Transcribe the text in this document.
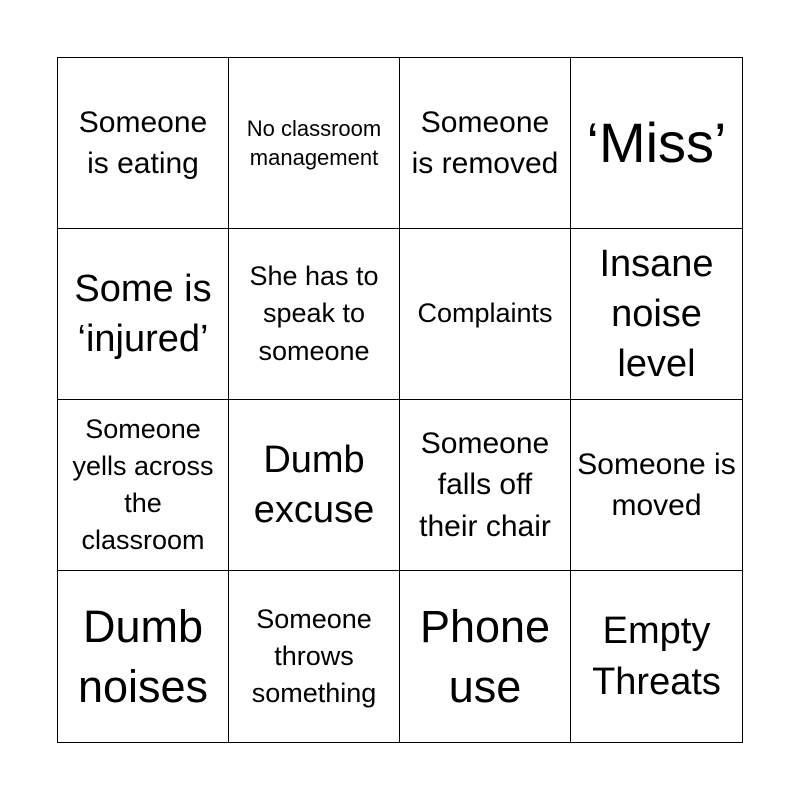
Someone is eating
No classroom management
Someone is removed ‘Miss’
Some is ‘injured’
She has to speak to someone
Complaints
Insane noise level
Someone yells across the classroom
Dumb excuse
Someone falls off their chair
Someone is moved
Dumb noises
Someone throws something
Phone use
Empty Threats
